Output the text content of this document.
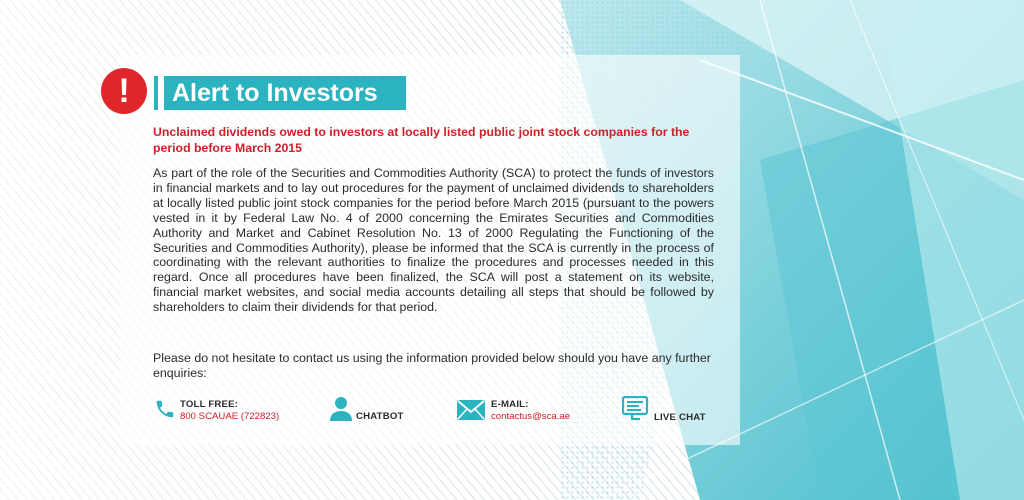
!	Alert to Investors
Unclaimed dividends owed to investors at locally listed public joint stock companies for the period before March 2015
As part of the role of the Securities and Commodities Authority (SCA) to protect the funds of investors in financial markets and to lay out procedures for the payment of unclaimed dividends to shareholders at locally listed public joint stock companies for the period before March 2015 (pursuant to the powers vested in it by Federal Law No. 4 of 2000 concerning the Emirates Securities and Commodities Authority and Market and Cabinet Resolution No. 13 of 2000 Regulating the Functioning of the Securities and Commodities Authority), please be informed that the SCA is currently in the process of coordinating with the relevant authorities to finalize the procedures and processes needed in this regard. Once all procedures have been finalized, the SCA will post a statement on its website, financial market websites, and social media accounts detailing all steps that should be followed by shareholders to claim their dividends for that period.
Please do not hesitate to contact us using the information provided below should you have any further enquiries:
TOLL FREE:
800 SCAUAE (722823)	CHATBOT
E-MAIL:
contactus@sca.ae	LIVE CHAT
